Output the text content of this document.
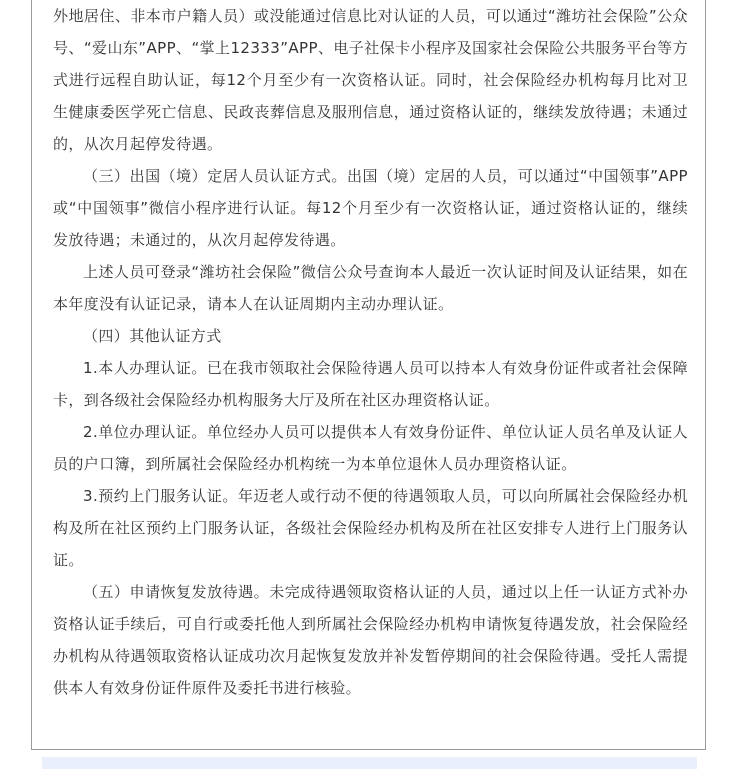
外地居住、非本市户籍人员）或没能通过信息比对认证的人员，可以通过“潍坊社会保险”公众号、“爱山东”APP、“掌上12333”APP、电子社保卡小程序及国家社会保险公共服务平台等方式进行远程自助认证，每12个月至少有一次资格认证。同时，社会保险经办机构每月比对卫生健康委医学死亡信息、民政丧葬信息及服刑信息，通过资格认证的，继续发放待遇；未通过的，从次月起停发待遇。

（三）出国（境）定居人员认证方式。出国（境）定居的人员，可以通过“中国领事”APP或“中国领事”微信小程序进行认证。每12个月至少有一次资格认证，通过资格认证的，继续发放待遇；未通过的，从次月起停发待遇。

上述人员可登录“潍坊社会保险”微信公众号查询本人最近一次认证时间及认证结果，如在本年度没有认证记录，请本人在认证周期内主动办理认证。

（四）其他认证方式

1.本人办理认证。已在我市领取社会保险待遇人员可以持本人有效身份证件或者社会保障卡，到各级社会保险经办机构服务大厅及所在社区办理资格认证。

2.单位办理认证。单位经办人员可以提供本人有效身份证件、单位认证人员名单及认证人员的户口簿，到所属社会保险经办机构统一为本单位退休人员办理资格认证。

3.预约上门服务认证。年迈老人或行动不便的待遇领取人员，可以向所属社会保险经办机构及所在社区预约上门服务认证，各级社会保险经办机构及所在社区安排专人进行上门服务认证。

（五）申请恢复发放待遇。未完成待遇领取资格认证的人员，通过以上任一认证方式补办资格认证手续后，可自行或委托他人到所属社会保险经办机构申请恢复待遇发放，社会保险经办机构从待遇领取资格认证成功次月起恢复发放并补发暂停期间的社会保险待遇。受托人需提供本人有效身份证件原件及委托书进行核验。
